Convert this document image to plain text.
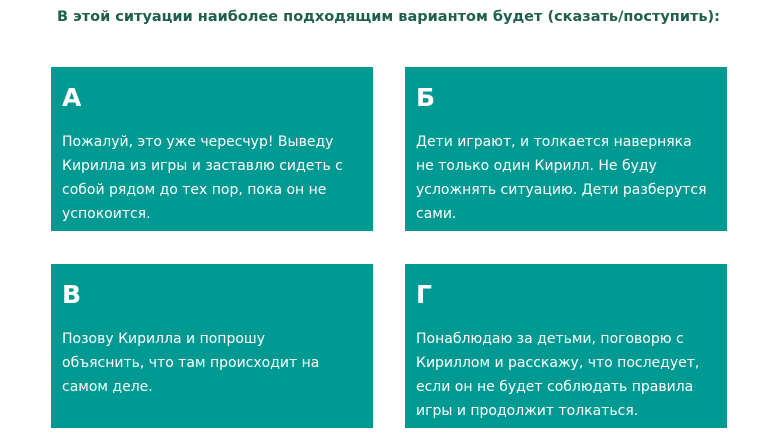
В этой ситуации наиболее подходящим вариантом будет (сказать/поступить):
А
Пожалуй, это уже чересчур! Выведу
Кирилла из игры и заставлю сидеть с
собой рядом до тех пор, пока он не
успокоится.
Б
Дети играют, и толкается наверняка
не только один Кирилл. Не буду
усложнять ситуацию. Дети разберутся
сами.
В
Позову Кирилла и попрошу
объяснить, что там происходит на
самом деле.
Г
Понаблюдаю за детьми, поговорю с
Кириллом и расскажу, что последует,
если он не будет соблюдать правила
игры и продолжит толкаться.
